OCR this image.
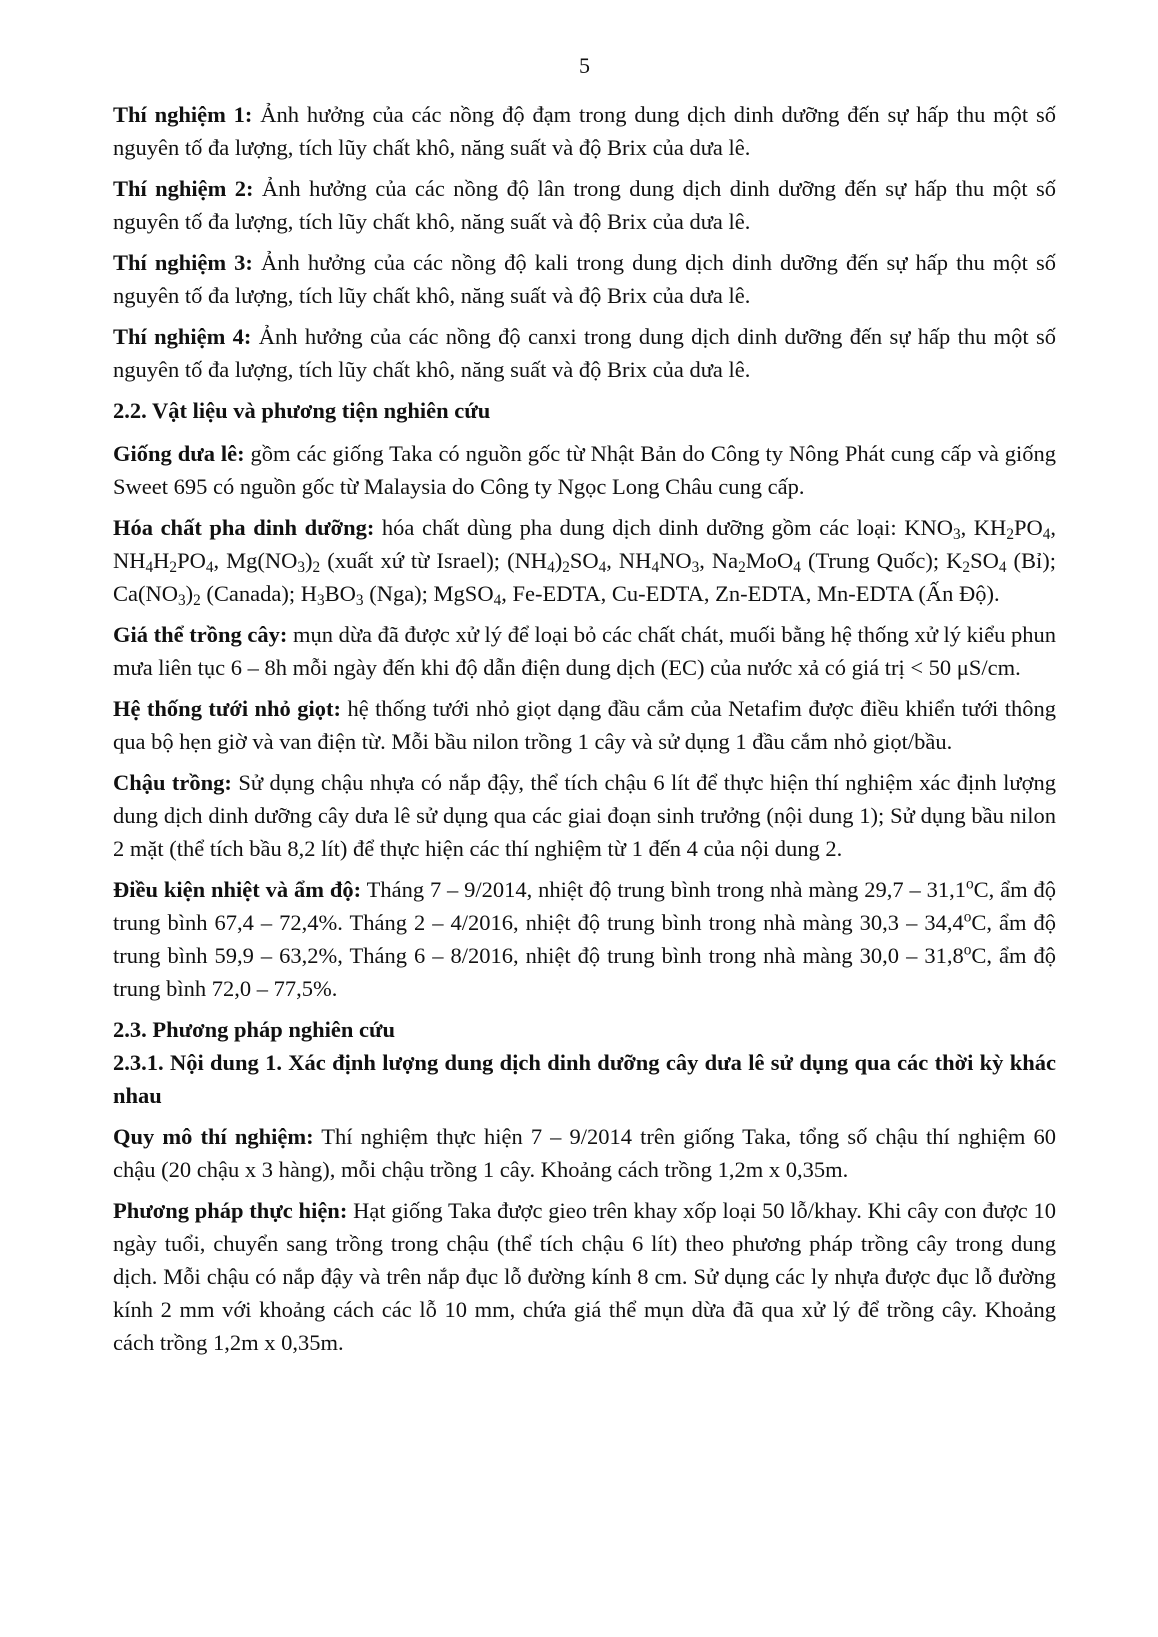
5

Thí nghiệm 1: Ảnh hưởng của các nồng độ đạm trong dung dịch dinh dưỡng đến sự hấp thu một số nguyên tố đa lượng, tích lũy chất khô, năng suất và độ Brix của dưa lê.

Thí nghiệm 2: Ảnh hưởng của các nồng độ lân trong dung dịch dinh dưỡng đến sự hấp thu một số nguyên tố đa lượng, tích lũy chất khô, năng suất và độ Brix của dưa lê.

Thí nghiệm 3: Ảnh hưởng của các nồng độ kali trong dung dịch dinh dưỡng đến sự hấp thu một số nguyên tố đa lượng, tích lũy chất khô, năng suất và độ Brix của dưa lê.

Thí nghiệm 4: Ảnh hưởng của các nồng độ canxi trong dung dịch dinh dưỡng đến sự hấp thu một số nguyên tố đa lượng, tích lũy chất khô, năng suất và độ Brix của dưa lê.

2.2. Vật liệu và phương tiện nghiên cứu

Giống dưa lê: gồm các giống Taka có nguồn gốc từ Nhật Bản do Công ty Nông Phát cung cấp và giống Sweet 695 có nguồn gốc từ Malaysia do Công ty Ngọc Long Châu cung cấp.

Hóa chất pha dinh dưỡng: hóa chất dùng pha dung dịch dinh dưỡng gồm các loại: $KNO_3$, $KH_2PO_4$, $NH_4H_2PO_4$, $Mg(NO_3)_2$ (xuất xứ từ Israel); $(NH_4)_2SO_4$, $NH_4NO_3$, $Na_2MoO_4$ (Trung Quốc); $K_2SO_4$ (Bỉ); $Ca(NO_3)_2$ (Canada); $H_3BO_3$ (Nga); MgSO$_4$, Fe-EDTA, Cu-EDTA, Zn-EDTA, Mn-EDTA (Ấn Độ).

Giá thể trồng cây: mụn dừa đã được xử lý để loại bỏ các chất chát, muối bằng hệ thống xử lý kiểu phun mưa liên tục 6 – 8h mỗi ngày đến khi độ dẫn điện dung dịch (EC) của nước xả có giá trị < 50 μS/cm.

Hệ thống tưới nhỏ giọt: hệ thống tưới nhỏ giọt dạng đầu cắm của Netafim được điều khiển tưới thông qua bộ hẹn giờ và van điện từ. Mỗi bầu nilon trồng 1 cây và sử dụng 1 đầu cắm nhỏ giọt/bầu.

Chậu trồng: Sử dụng chậu nhựa có nắp đậy, thể tích chậu 6 lít để thực hiện thí nghiệm xác định lượng dung dịch dinh dưỡng cây dưa lê sử dụng qua các giai đoạn sinh trưởng (nội dung 1); Sử dụng bầu nilon 2 mặt (thể tích bầu 8,2 lít) để thực hiện các thí nghiệm từ 1 đến 4 của nội dung 2.

Điều kiện nhiệt và ẩm độ: Tháng 7 – 9/2014, nhiệt độ trung bình trong nhà màng 29,7 – 31,1$^o$C, ẩm độ trung bình 67,4 – 72,4%. Tháng 2 – 4/2016, nhiệt độ trung bình trong nhà màng 30,3 – 34,4$^o$C, ẩm độ trung bình 59,9 – 63,2%, Tháng 6 – 8/2016, nhiệt độ trung bình trong nhà màng 30,0 – 31,8$^o$C, ẩm độ trung bình 72,0 – 77,5%.

2.3. Phương pháp nghiên cứu
2.3.1. Nội dung 1. Xác định lượng dung dịch dinh dưỡng cây dưa lê sử dụng qua các thời kỳ khác nhau

Quy mô thí nghiệm: Thí nghiệm thực hiện 7 – 9/2014 trên giống Taka, tổng số chậu thí nghiệm 60 chậu (20 chậu x 3 hàng), mỗi chậu trồng 1 cây. Khoảng cách trồng 1,2m x 0,35m.

Phương pháp thực hiện: Hạt giống Taka được gieo trên khay xốp loại 50 lỗ/khay. Khi cây con được 10 ngày tuổi, chuyển sang trồng trong chậu (thể tích chậu 6 lít) theo phương pháp trồng cây trong dung dịch. Mỗi chậu có nắp đậy và trên nắp đục lỗ đường kính 8 cm. Sử dụng các ly nhựa được đục lỗ đường kính 2 mm với khoảng cách các lỗ 10 mm, chứa giá thể mụn dừa đã qua xử lý để trồng cây. Khoảng cách trồng 1,2m x 0,35m.
